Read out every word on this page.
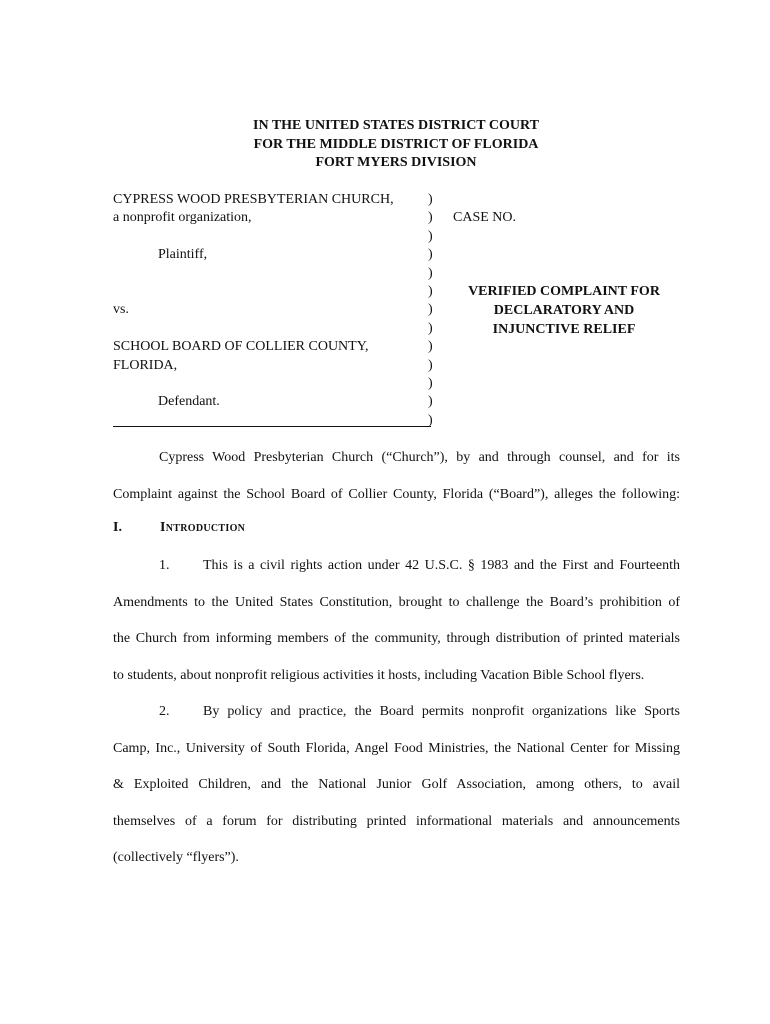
IN THE UNITED STATES DISTRICT COURT
FOR THE MIDDLE DISTRICT OF FLORIDA
FORT MYERS DIVISION
CYPRESS WOOD PRESBYTERIAN CHURCH,
a nonprofit organization,
Plaintiff,
vs.
SCHOOL BOARD OF COLLIER COUNTY,
FLORIDA,
Defendant.
)
)
)
)
)
)
)
)
)
)
)
)
)
CASE NO.
VERIFIED COMPLAINT FOR
DECLARATORY AND
INJUNCTIVE RELIEF
Cypress Wood Presbyterian Church (“Church”), by and through counsel, and for its
Complaint against the School Board of Collier County, Florida (“Board”), alleges the following:
I.	Introduction
1. This is a civil rights action under 42 U.S.C. § 1983 and the First and Fourteenth
Amendments to the United States Constitution, brought to challenge the Board’s prohibition of
the Church from informing members of the community, through distribution of printed materials
to students, about nonprofit religious activities it hosts, including Vacation Bible School flyers.
2. By policy and practice, the Board permits nonprofit organizations like Sports
Camp, Inc., University of South Florida, Angel Food Ministries, the National Center for Missing
& Exploited Children, and the National Junior Golf Association, among others, to avail
themselves of a forum for distributing printed informational materials and announcements
(collectively “flyers”).
